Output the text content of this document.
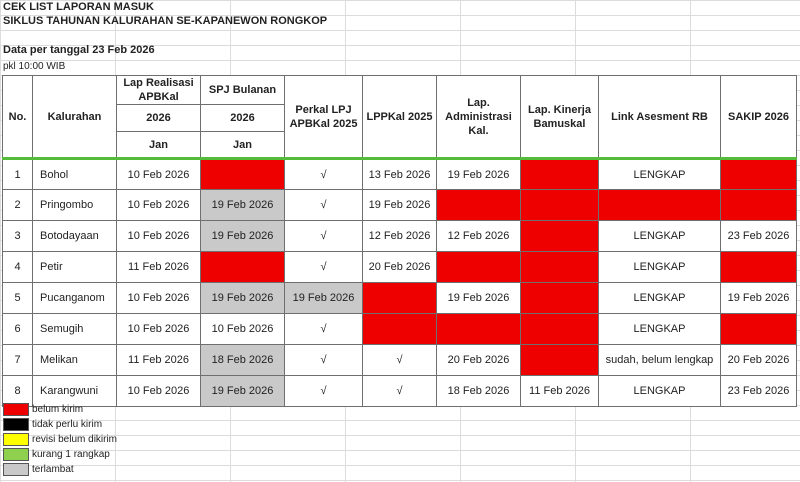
CEK LIST LAPORAN MASUK
SIKLUS TAHUNAN KALURAHAN SE-KAPANEWON RONGKOP
Data per tanggal 23 Feb 2026
pkl 10:00 WIB
No.	Kalurahan	Lap Realisasi APBKal	SPJ Bulanan	Perkal LPJ APBKal 2025	LPPKal 2025	Lap. Administrasi Kal.	Lap. Kinerja Bamuskal	Link Asesment RB	SAKIP 2026
		2026	2026						
		Jan	Jan						
1	Bohol	10 Feb 2026		√	13 Feb 2026	19 Feb 2026		LENGKAP	
2	Pringombo	10 Feb 2026	19 Feb 2026	√	19 Feb 2026				
3	Botodayaan	10 Feb 2026	19 Feb 2026	√	12 Feb 2026	12 Feb 2026		LENGKAP	23 Feb 2026
4	Petir	11 Feb 2026		√	20 Feb 2026			LENGKAP	
5	Pucanganom	10 Feb 2026	19 Feb 2026	19 Feb 2026		19 Feb 2026		LENGKAP	19 Feb 2026
6	Semugih	10 Feb 2026	10 Feb 2026	√				LENGKAP	
7	Melikan	11 Feb 2026	18 Feb 2026	√	√	20 Feb 2026		sudah, belum lengkap	20 Feb 2026
8	Karangwuni	10 Feb 2026	19 Feb 2026	√	√	18 Feb 2026	11 Feb 2026	LENGKAP	23 Feb 2026
belum kirim
tidak perlu kirim
revisi belum dikirim
kurang 1 rangkap
terlambat
